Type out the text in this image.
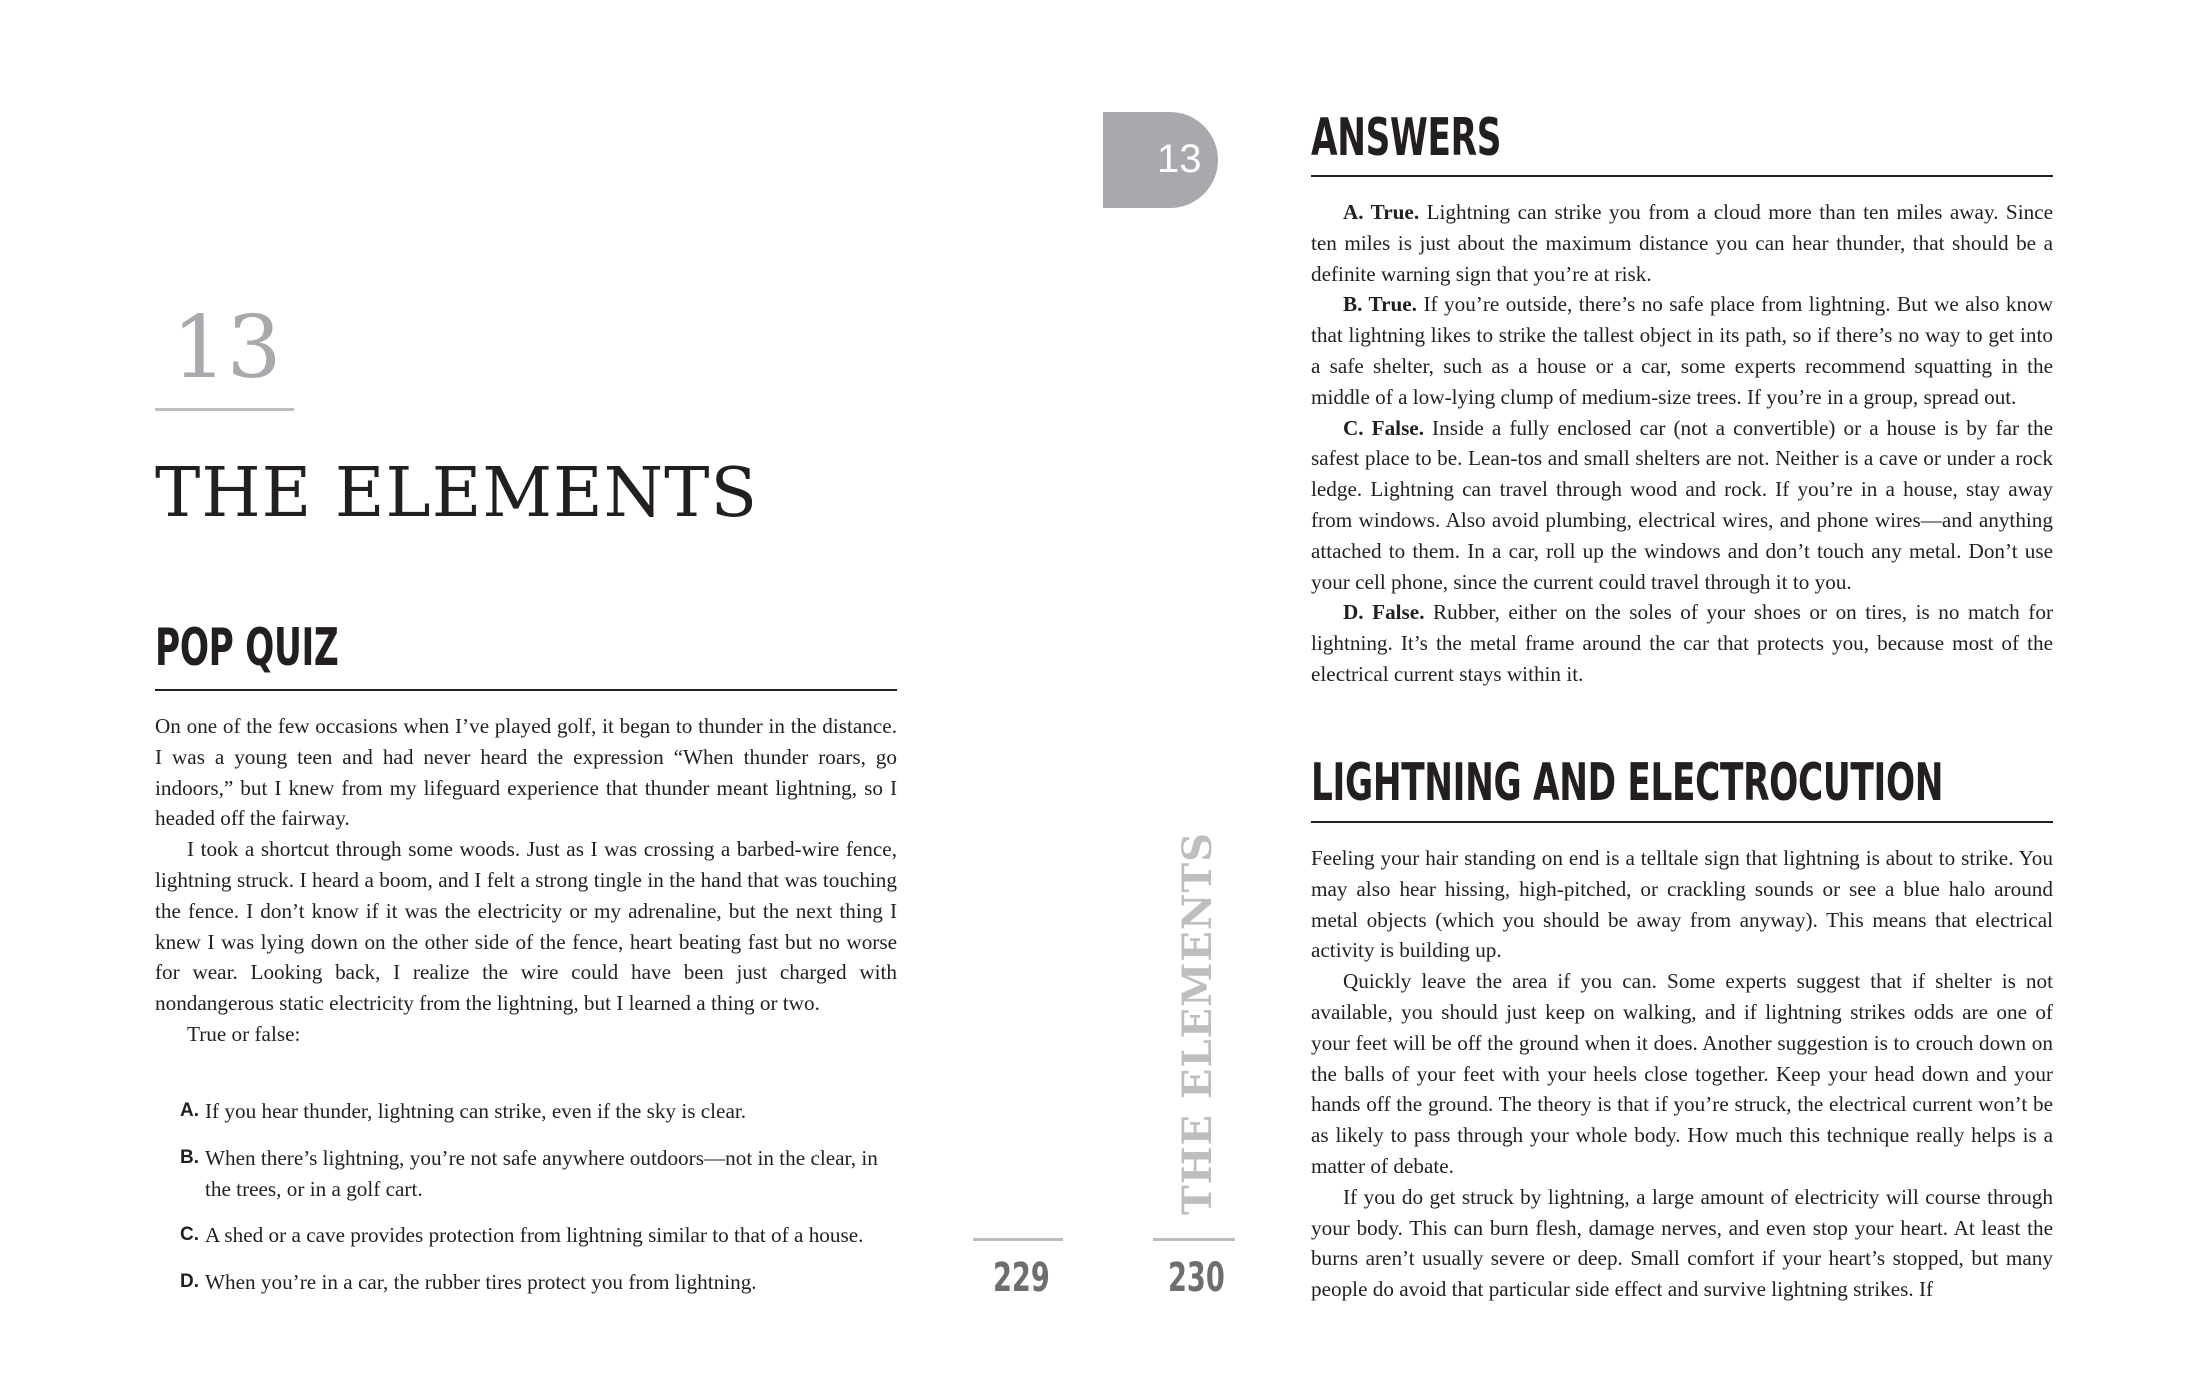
13
THE ELEMENTS
POP QUIZ

On one of the few occasions when I’ve played golf, it began to thunder in the distance. I was a young teen and had never heard the expression “When thunder roars, go indoors,” but I knew from my lifeguard experience that thunder meant lightning, so I headed off the fairway.

I took a shortcut through some woods. Just as I was crossing a barbed-wire fence, lightning struck. I heard a boom, and I felt a strong tingle in the hand that was touching the fence. I don’t know if it was the electricity or my adrenaline, but the next thing I knew I was lying down on the other side of the fence, heart beating fast but no worse for wear. Looking back, I realize the wire could have been just charged with nondangerous static electricity from the lightning, but I learned a thing or two.

True or false:

A. If you hear thunder, lightning can strike, even if the sky is clear.
B. When there’s lightning, you’re not safe anywhere outdoors—not in the clear, in the trees, or in a golf cart.
C. A shed or a cave provides protection from lightning similar to that of a house.
D. When you’re in a car, the rubber tires protect you from lightning.	229
13
THE ELEMENTS
230
ANSWERS

A. True. Lightning can strike you from a cloud more than ten miles away. Since ten miles is just about the maximum distance you can hear thunder, that should be a definite warning sign that you’re at risk.

B. True. If you’re outside, there’s no safe place from lightning. But we also know that lightning likes to strike the tallest object in its path, so if there’s no way to get into a safe shelter, such as a house or a car, some experts recommend squatting in the middle of a low-lying clump of medium-size trees. If you’re in a group, spread out.

C. False. Inside a fully enclosed car (not a convertible) or a house is by far the safest place to be. Lean-tos and small shelters are not. Neither is a cave or under a rock ledge. Lightning can travel through wood and rock. If you’re in a house, stay away from windows. Also avoid plumbing, electrical wires, and phone wires—and anything attached to them. In a car, roll up the windows and don’t touch any metal. Don’t use your cell phone, since the current could travel through it to you.

D. False. Rubber, either on the soles of your shoes or on tires, is no match for lightning. It’s the metal frame around the car that protects you, because most of the electrical current stays within it.

LIGHTNING AND ELECTROCUTION

Feeling your hair standing on end is a telltale sign that lightning is about to strike. You may also hear hissing, high-pitched, or crackling sounds or see a blue halo around metal objects (which you should be away from anyway). This means that electrical activity is building up.

Quickly leave the area if you can. Some experts suggest that if shelter is not available, you should just keep on walking, and if lightning strikes odds are one of your feet will be off the ground when it does. Another suggestion is to crouch down on the balls of your feet with your heels close together. Keep your head down and your hands off the ground. The theory is that if you’re struck, the electrical current won’t be as likely to pass through your whole body. How much this technique really helps is a matter of debate.

If you do get struck by lightning, a large amount of electricity will course through your body. This can burn flesh, damage nerves, and even stop your heart. At least the burns aren’t usually severe or deep. Small comfort if your heart’s stopped, but many people do avoid that particular side effect and survive lightning strikes. If
